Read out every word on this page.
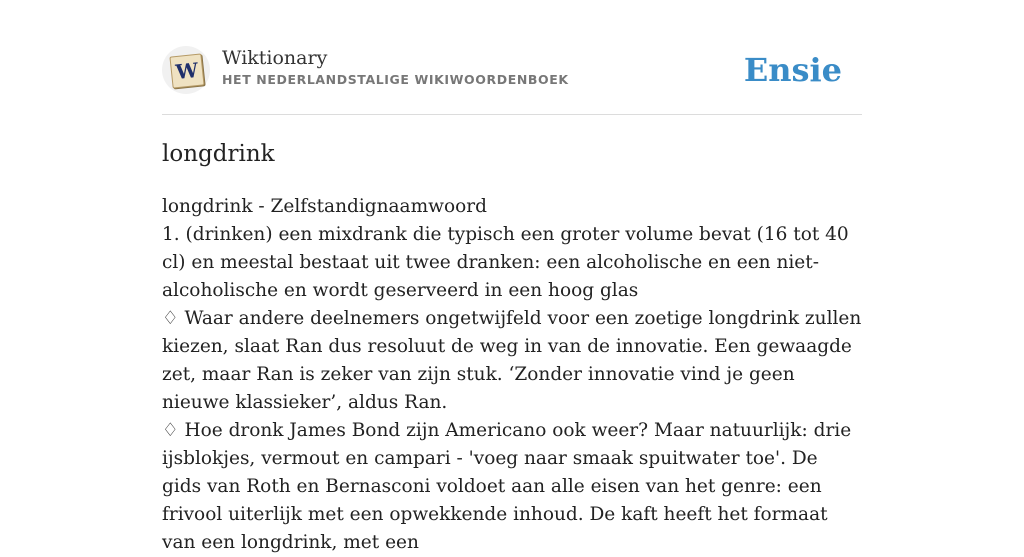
W Wiktionary
HET NEDERLANDSTALIGE WIKIWOORDENBOEK	Ensie
longdrink

longdrink - Zelfstandignaamwoord

1. (drinken) een mixdrank die typisch een groter volume bevat (16 tot 40 cl) en meestal bestaat uit twee dranken: een alcoholische en een niet-alcoholische en wordt geserveerd in een hoog glas

♢ Waar andere deelnemers ongetwijfeld voor een zoetige longdrink zullen kiezen, slaat Ran dus resoluut de weg in van de innovatie. Een gewaagde zet, maar Ran is zeker van zijn stuk. ‘Zonder innovatie vind je geen nieuwe klassieker’, aldus Ran.

♢ Hoe dronk James Bond zijn Americano ook weer? Maar natuurlijk: drie ijsblokjes, vermout en campari - 'voeg naar smaak spuitwater toe'. De gids van Roth en Bernasconi voldoet aan alle eisen van het genre: een frivool uiterlijk met een opwekkende inhoud. De kaft heeft het formaat van een longdrink, met een
